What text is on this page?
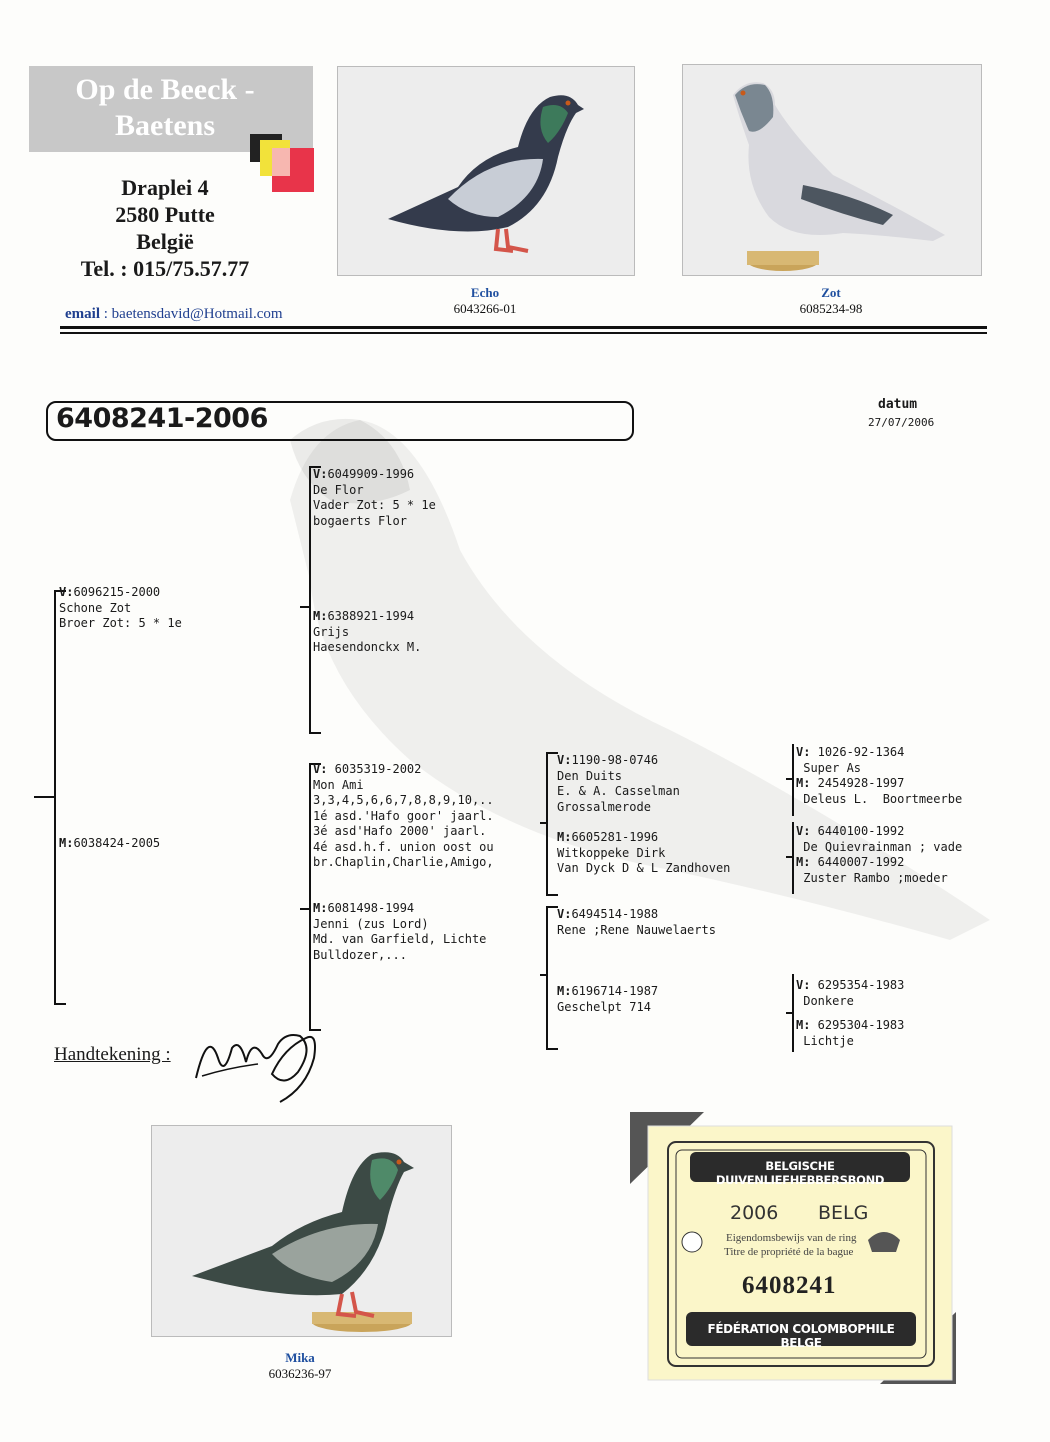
Op de Beeck -
Baetens
Draplei 4
2580 Putte
België
Tel. : 015/75.57.77
email : baetensdavid@Hotmail.com
Echo
6043266-01
Zot
6085234-98
6408241-2006	datum
27/07/2006
V:6096215-2000
Schone Zot
Broer Zot: 5 * 1e
M:6038424-2005
V:6049909-1996
De Flor
Vader Zot: 5 * 1e
bogaerts Flor
M:6388921-1994
Grijs
Haesendonckx M.
V: 6035319-2002
Mon Ami
3,3,4,5,6,6,7,8,8,9,10,..
1é asd.'Hafo goor' jaarl.
3é asd'Hafo 2000' jaarl.
4é asd.h.f. union oost ou
br.Chaplin,Charlie,Amigo,
M:6081498-1994
Jenni (zus Lord)
Md. van Garfield, Lichte
Bulldozer,...
V:1190-98-0746
Den Duits
E. & A. Casselman
Grossalmerode
M:6605281-1996
Witkoppeke Dirk
Van Dyck D & L Zandhoven
V:6494514-1988
Rene ;Rene Nauwelaerts
M:6196714-1987
Geschelpt 714
V: 1026-92-1364
Super As
M: 2454928-1997
Deleus L.  Boortmeerbe
V: 6440100-1992
De Quievrainman ; vade
M: 6440007-1992
Zuster Rambo ;moeder
V: 6295354-1983
Donkere
M: 6295304-1983
Lichtje
Handtekening :
Mika
6036236-97
BELGISCHE DUIVENLIEFHEBBERSBOND
2006 BELG
Eigendomsbewijs van de ring
Titre de propriété de la bague
6408241
FÉDÉRATION COLOMBOPHILE BELGE
